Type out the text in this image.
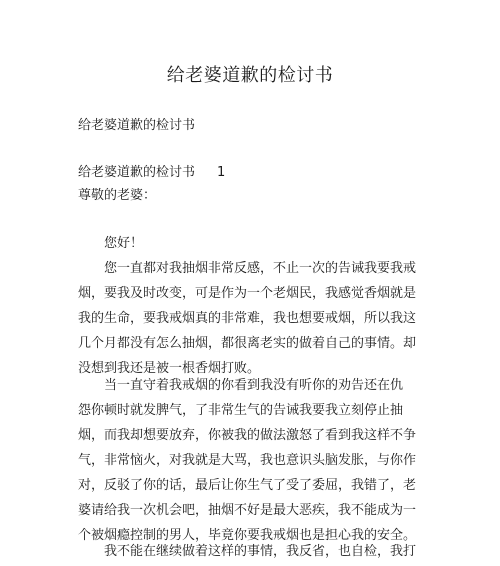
给老婆道歉的检讨书
给老婆道歉的检讨书
给老婆道歉的检讨书 1
尊敬的老婆：
您好！
您一直都对我抽烟非常反感，不止一次的告诫我要我戒
烟，要我及时改变，可是作为一个老烟民，我感觉香烟就是
我的生命，要我戒烟真的非常难，我也想要戒烟，所以我这
几个月都没有怎么抽烟，都很离老实的做着自己的事情。却
没想到我还是被一根香烟打败。
当一直守着我戒烟的你看到我没有听你的劝告还在仇
怨你顿时就发脾气，了非常生气的告诫我要我立刻停止抽
烟，而我却想要放弃，你被我的做法激怒了看到我这样不争
气，非常恼火，对我就是大骂，我也意识头脑发胀，与你作
对，反驳了你的话，最后让你生气了受了委屈，我错了，老
婆请给我一次机会吧，抽烟不好是最大恶疾，我不能成为一
个被烟瘾控制的男人，毕竟你要我戒烟也是担心我的安全。
我不能在继续做着这样的事情，我反省，也自检，我打
